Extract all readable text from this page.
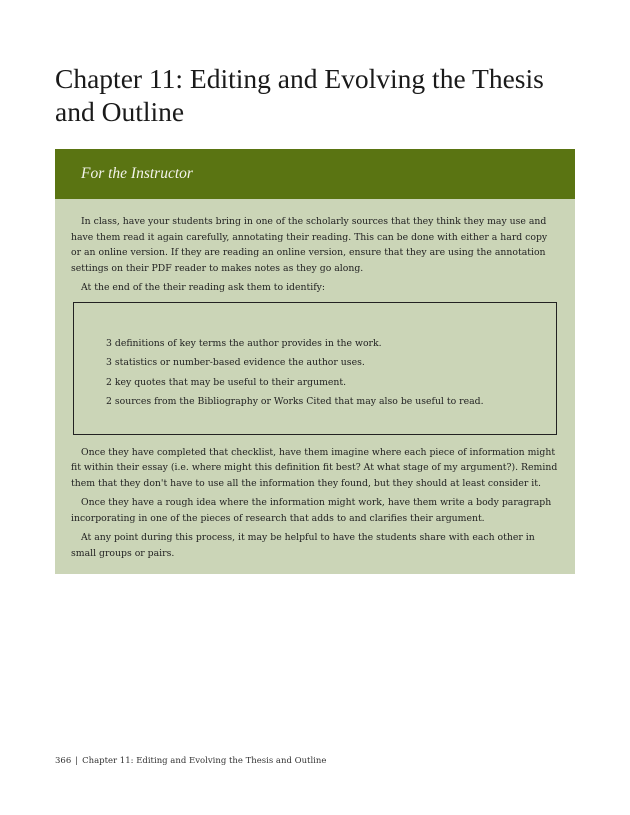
Chapter 11: Editing and Evolving the Thesis and Outline
For the Instructor

In class, have your students bring in one of the scholarly sources that they think they may use and have them read it again carefully, annotating their reading. This can be done with either a hard copy or an online version. If they are reading an online version, ensure that they are using the annotation settings on their PDF reader to makes notes as they go along.

At the end of the their reading ask them to identify:

3 definitions of key terms the author provides in the work.
3 statistics or number-based evidence the author uses.
2 key quotes that may be useful to their argument.
2 sources from the Bibliography or Works Cited that may also be useful to read.

Once they have completed that checklist, have them imagine where each piece of information might fit within their essay (i.e. where might this definition fit best? At what stage of my argument?). Remind them that they don't have to use all the information they found, but they should at least consider it.

Once they have a rough idea where the information might work, have them write a body paragraph incorporating in one of the pieces of research that adds to and clarifies their argument.

At any point during this process, it may be helpful to have the students share with each other in small groups or pairs.

366 | Chapter 11: Editing and Evolving the Thesis and Outline
